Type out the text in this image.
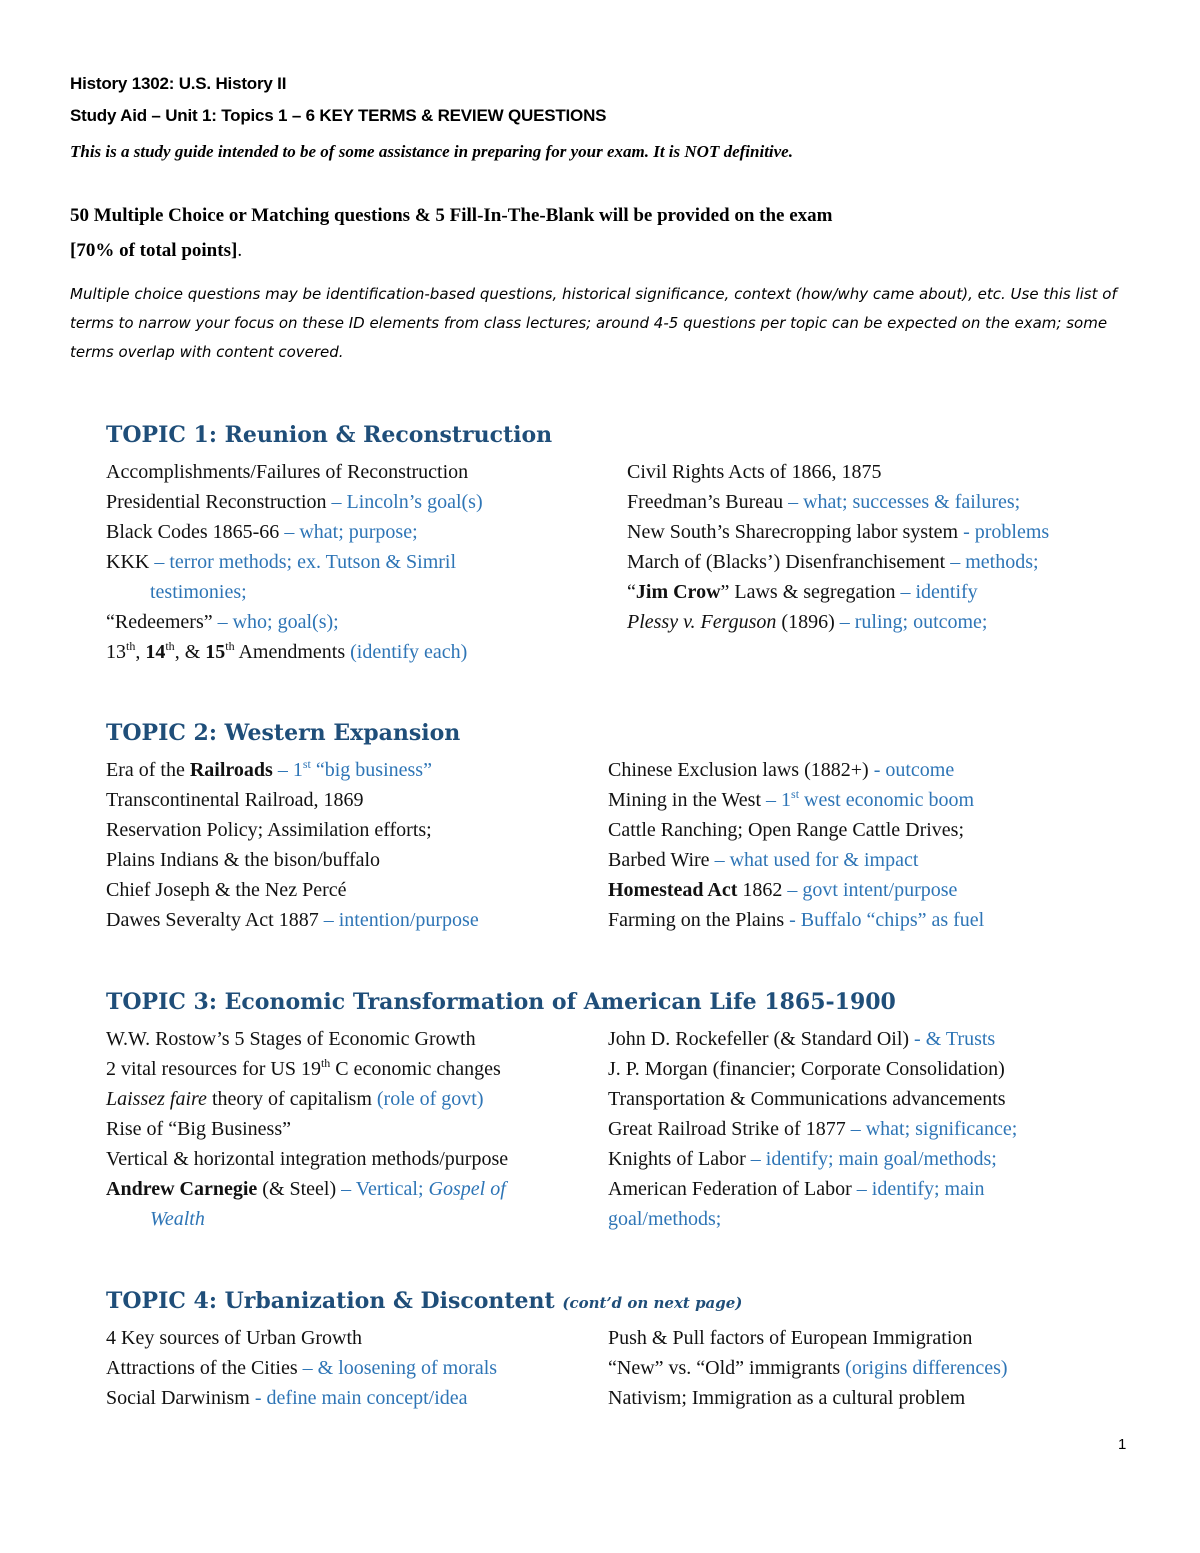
History 1302: U.S. History II
Study Aid – Unit 1: Topics 1 – 6 KEY TERMS & REVIEW QUESTIONS
This is a study guide intended to be of some assistance in preparing for your exam. It is NOT definitive.
50 Multiple Choice or Matching questions & 5 Fill-In-The-Blank will be provided on the exam
[70% of total points].
Multiple choice questions may be identification-based questions, historical significance, context (how/why came about), etc. Use this list of terms to narrow your focus on these ID elements from class lectures; around 4-5 questions per topic can be expected on the exam; some terms overlap with content covered.
TOPIC 1: Reunion & Reconstruction
Accomplishments/Failures of Reconstruction
Presidential Reconstruction – Lincoln’s goal(s)
Black Codes 1865-66 – what; purpose;
KKK – terror methods; ex. Tutson & Simril
testimonies;
“Redeemers” – who; goal(s);
13th, 14th, & 15th Amendments (identify each)
Civil Rights Acts of 1866, 1875
Freedman’s Bureau – what; successes & failures;
New South’s Sharecropping labor system - problems
March of (Blacks’) Disenfranchisement – methods;
“Jim Crow” Laws & segregation – identify
Plessy v. Ferguson (1896) – ruling; outcome;
TOPIC 2: Western Expansion
Era of the Railroads – 1st “big business”
Transcontinental Railroad, 1869
Reservation Policy; Assimilation efforts;
Plains Indians & the bison/buffalo
Chief Joseph & the Nez Percé
Dawes Severalty Act 1887 – intention/purpose
Chinese Exclusion laws (1882+) - outcome
Mining in the West – 1st west economic boom
Cattle Ranching; Open Range Cattle Drives;
Barbed Wire – what used for & impact
Homestead Act 1862 – govt intent/purpose
Farming on the Plains - Buffalo “chips” as fuel
TOPIC 3: Economic Transformation of American Life 1865-1900
W.W. Rostow’s 5 Stages of Economic Growth
2 vital resources for US 19th C economic changes
Laissez faire theory of capitalism (role of govt)
Rise of “Big Business”
Vertical & horizontal integration methods/purpose
Andrew Carnegie (& Steel) – Vertical; Gospel of
Wealth
John D. Rockefeller (& Standard Oil) - & Trusts
J. P. Morgan (financier; Corporate Consolidation)
Transportation & Communications advancements
Great Railroad Strike of 1877 – what; significance;
Knights of Labor – identify; main goal/methods;
American Federation of Labor – identify; main
goal/methods;
TOPIC 4: Urbanization & Discontent (cont’d on next page)
4 Key sources of Urban Growth
Attractions of the Cities – & loosening of morals
Social Darwinism - define main concept/idea
Push & Pull factors of European Immigration
“New” vs. “Old” immigrants (origins differences)
Nativism; Immigration as a cultural problem
1
